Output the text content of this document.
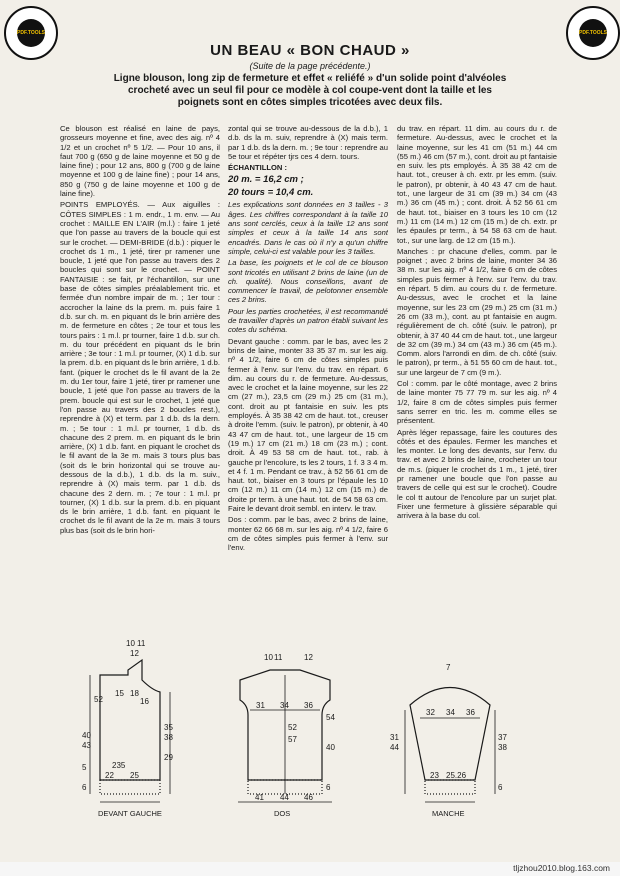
PDF.TOOLS	PDF.TOOLS
UN BEAU « BON CHAUD »
(Suite de la page précédente.)
Ligne blouson, long zip de fermeture et effet « reliéfé » d'un solide point d'alvéoles crocheté avec un seul fil pour ce modèle à col coupe-vent dont la taille et les poignets sont en côtes simples tricotées avec deux fils.

Ce blouson est réalisé en laine de pays, grosseurs moyenne et fine, avec des aig. nº 4 1/2 et un crochet nº 5 1/2. — Pour 10 ans, il faut 700 g (650 g de laine moyenne et 50 g de laine fine) ; pour 12 ans, 800 g (700 g de laine moyenne et 100 g de laine fine) ; pour 14 ans, 850 g (750 g de laine moyenne et 100 g de laine fine).

POINTS EMPLOYÉS. — Aux aiguilles : CÔTES SIMPLES : 1 m. endr., 1 m. env. — Au crochet : MAILLE EN L'AIR (m.l.) : faire 1 jeté que l'on passe au travers de la boucle qui est sur le crochet. — DEMI-BRIDE (d.b.) : piquer le crochet ds 1 m., 1 jeté, tirer pr ramener une boucle, 1 jeté que l'on passe au travers des 2 boucles qui sont sur le crochet. — POINT FANTAISIE : se fait, pr l'échantillon, sur une base de côtes simples préalablement tric. et fermée d'un nombre impair de m. ; 1er tour : accrocher la laine ds la prem. m. puis faire 1 d.b. sur ch. m. en piquant ds le brin arrière des m. de fermeture en côtes ; 2e tour et tous les tours pairs : 1 m.l. pr tourner, faire 1 d.b. sur ch. m. du tour précédent en piquant ds le brin arrière ; 3e tour : 1 m.l. pr tourner, (X) 1 d.b. sur la prem. d.b. en piquant ds le brin arrière, 1 d.b. fant. (piquer le crochet ds le fil avant de la 2e m. du 1er tour, faire 1 jeté, tirer pr ramener une boucle, 1 jeté que l'on passe au travers de la prem. boucle qui est sur le crochet, 1 jeté que l'on passe au travers des 2 boucles rest.), reprendre à (X) et term. par 1 d.b. ds la dern. m. ; 5e tour : 1 m.l. pr tourner, 1 d.b. ds chacune des 2 prem. m. en piquant ds le brin arrière, (X) 1 d.b. fant. en piquant le crochet ds le fil avant de la 3e m. mais 3 tours plus bas (soit ds le brin horizontal qui se trouve au-dessous de la d.b.), 1 d.b. ds la m. suiv., reprendre à (X) mais term. par 1 d.b. ds chacune des 2 dern. m. ; 7e tour : 1 m.l. pr tourner, (X) 1 d.b. sur la prem. d.b. en piquant ds le brin arrière, 1 d.b. fant. en piquant le crochet ds le fil avant de la 2e m. mais 3 tours plus bas (soit ds le brin hori-

zontal qui se trouve au-dessous de la d.b.), 1 d.b. ds la m. suiv, reprendre à (X) mais term. par 1 d.b. ds la dern. m. ; 9e tour : reprendre au 5e tour et répéter tjrs ces 4 dern. tours.

ÉCHANTILLON :

20 m. = 16,2 cm ;

20 tours = 10,4 cm.

Les explications sont données en 3 tailles - 3 âges. Les chiffres correspondant à la taille 10 ans sont cerclés, ceux à la taille 12 ans sont simples et ceux à la taille 14 ans sont encadrés. Dans le cas où il n'y a qu'un chiffre simple, celui-ci est valable pour les 3 tailles.

La base, les poignets et le col de ce blouson sont tricotés en utilisant 2 brins de laine (un de ch. qualité). Nous conseillons, avant de commencer le travail, de pelotonner ensemble ces 2 brins.

Pour les parties crochetées, il est recommandé de travailler d'après un patron établi suivant les cotes du schéma.

Devant gauche : comm. par le bas, avec les 2 brins de laine, monter 33 35 37 m. sur les aig. nº 4 1/2, faire 6 cm de côtes simples puis fermer à l'env. sur l'env. du trav. en répart. 6 dim. au cours du r. de fermeture. Au-dessus, avec le crochet et la laine moyenne, sur les 22 cm (27 m.), 23,5 cm (29 m.) 25 cm (31 m.), cont. droit au pt fantaisie en suiv. les pts employés. À 35 38 42 cm de haut. tot., creuser à droite l'emm. (suiv. le patron), pr obtenir, à 40 43 47 cm de haut. tot., une largeur de 15 cm (19 m.) 17 cm (21 m.) 18 cm (23 m.) ; cont. droit. À 49 53 58 cm de haut. tot., rab. à gauche pr l'encolure, ts les 2 tours, 1 f. 3 3 4 m. et 4 f. 1 m. Pendant ce trav., à 52 56 61 cm de haut. tot., biaiser en 3 tours pr l'épaule les 10 cm (12 m.) 11 cm (14 m.) 12 cm (15 m.) de droite pr term. à une haut. tot. de 54 58 63 cm. Faire le devant droit sembl. en interv. le trav.

Dos : comm. par le bas, avec 2 brins de laine, monter 62 66 68 m. sur les aig. nº 4 1/2, faire 6 cm de côtes simples puis fermer à l'env. sur l'env.

du trav. en répart. 11 dim. au cours du r. de fermeture. Au-dessus, avec le crochet et la laine moyenne, sur les 41 cm (51 m.) 44 cm (55 m.) 46 cm (57 m.), cont. droit au pt fantaisie en suiv. les pts employés. À 35 38 42 cm de haut. tot., creuser à ch. extr. pr les emm. (suiv. le patron), pr obtenir, à 40 43 47 cm de haut. tot., une largeur de 31 cm (39 m.) 34 cm (43 m.) 36 cm (45 m.) ; cont. droit. À 52 56 61 cm de haut. tot., biaiser en 3 tours les 10 cm (12 m.) 11 cm (14 m.) 12 cm (15 m.) de ch. extr. pr les épaules pr term., à 54 58 63 cm de haut. tot., sur une larg. de 12 cm (15 m.).

Manches : pr chacune d'elles, comm. par le poignet ; avec 2 brins de laine, monter 34 36 38 m. sur les aig. nº 4 1/2, faire 6 cm de côtes simples puis fermer à l'env. sur l'env. du trav. en répart. 5 dim. au cours du r. de fermeture. Au-dessus, avec le crochet et la laine moyenne, sur les 23 cm (29 m.) 25 cm (31 m.) 26 cm (33 m.), cont. au pt fantaisie en augm. régulièrement de ch. côté (suiv. le patron), pr obtenir, à 37 40 44 cm de haut. tot., une largeur de 32 cm (39 m.) 34 cm (43 m.) 36 cm (45 m.). Comm. alors l'arrondi en dim. de ch. côté (suiv. le patron), pr term., à 51 55 60 cm de haut. tot., sur une largeur de 7 cm (9 m.).

Col : comm. par le côté montage, avec 2 brins de laine monter 75 77 79 m. sur les aig. nº 4 1/2, faire 8 cm de côtes simples puis fermer sans serrer en tric. les m. comme elles se présentent.

Après léger repassage, faire les coutures des côtés et des épaules. Fermer les manches et les monter. Le long des devants, sur l'env. du trav. et avec 2 brins de laine, crocheter un tour de m.s. (piquer le crochet ds 1 m., 1 jeté, tirer pr ramener une boucle que l'on passe au travers de celle qui est sur le crochet). Coudre le col tt autour de l'encolure par un surjet plat. Fixer une fermeture à glissière séparable qui arrivera à la base du col.

10 11
12
15 18
16
52
40
43
35
38
235
22 25
29
5
6
DEVANT GAUCHE
10 11	12
31 34 36
52
57
54
40
6
41 44 46
DOS
7
32 34 36
37
38
31
44
23 25.26
6
MANCHE
tljzhou2010.blog.163.com
